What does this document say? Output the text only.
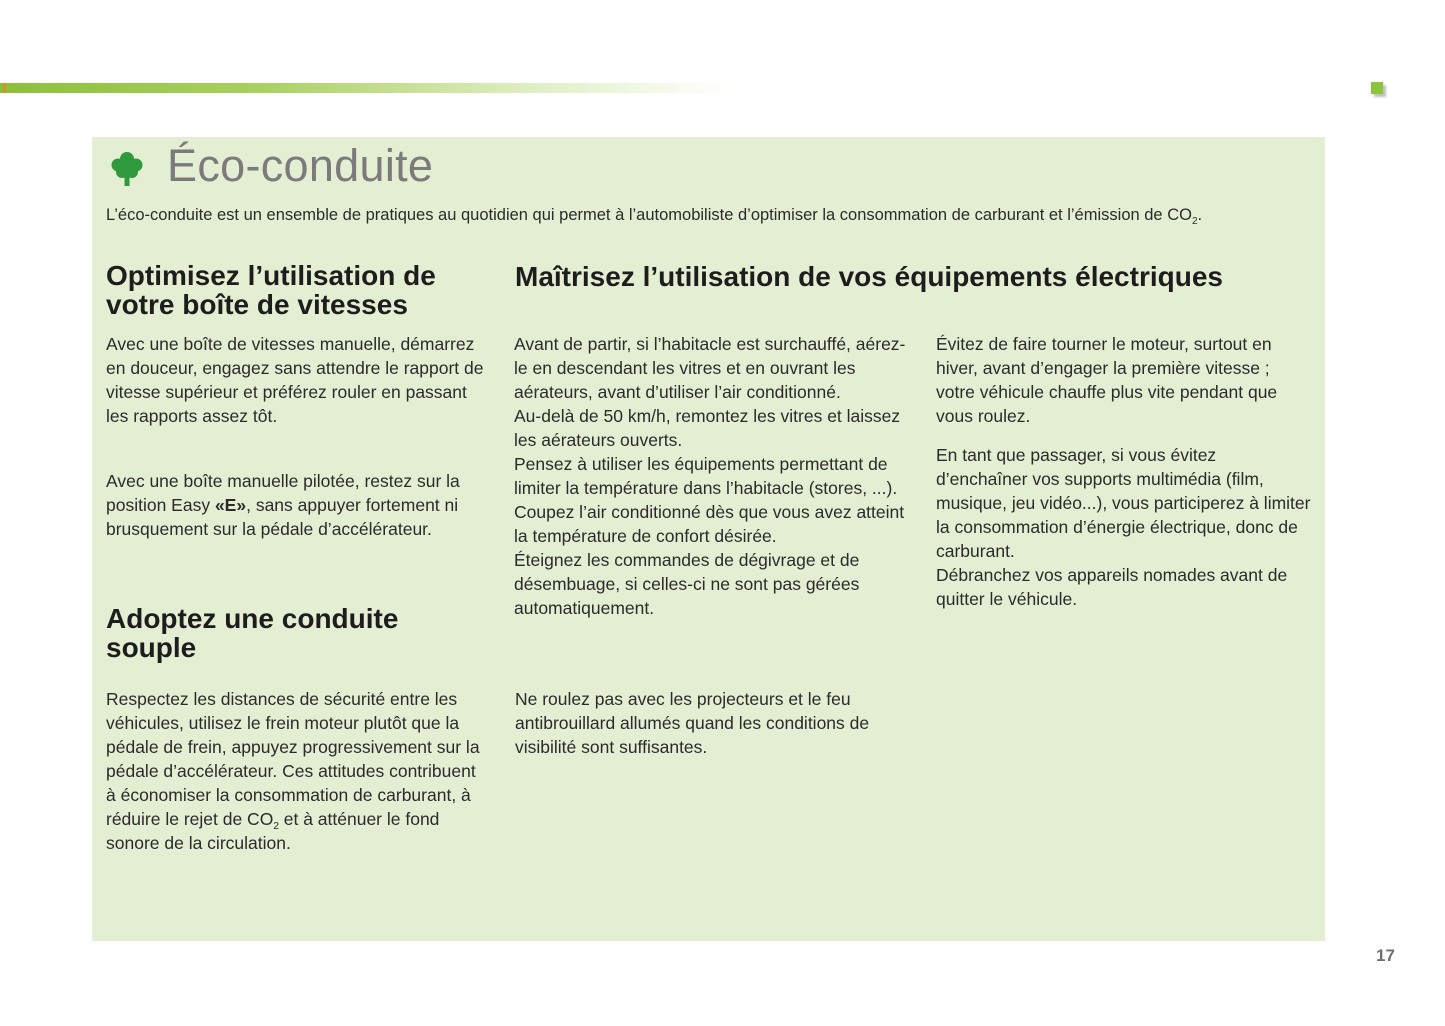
Éco-conduite
L’éco-conduite est un ensemble de pratiques au quotidien qui permet à l’automobiliste d’optimiser la consommation de carburant et l’émission de $CO_2$.
Optimisez l’utilisation de
votre boîte de vitesses

Avec une boîte de vitesses manuelle, démarrez en douceur, engagez sans attendre le rapport de vitesse supérieur et préférez rouler en passant les rapports assez tôt.

Avec une boîte manuelle pilotée, restez sur la position Easy «E», sans appuyer fortement ni brusquement sur la pédale d’accélérateur.

Adoptez une conduite
souple

Respectez les distances de sécurité entre les véhicules, utilisez le frein moteur plutôt que la pédale de frein, appuyez progressivement sur la pédale d’accélérateur. Ces attitudes contribuent à économiser la consommation de carburant, à réduire le rejet de $CO_2$ et à atténuer le fond sonore de la circulation.

Maîtrisez l’utilisation de vos équipements électriques
Avant de partir, si l’habitacle est surchauffé, aérez-le en descendant les vitres et en ouvrant les aérateurs, avant d’utiliser l’air conditionné.
Au-delà de 50 km/h, remontez les vitres et laissez les aérateurs ouverts.
Pensez à utiliser les équipements permettant de limiter la température dans l’habitacle (stores, ...).
Coupez l’air conditionné dès que vous avez atteint la température de confort désirée.
Éteignez les commandes de dégivrage et de désembuage, si celles-ci ne sont pas gérées automatiquement.

Ne roulez pas avec les projecteurs et le feu antibrouillard allumés quand les conditions de visibilité sont suffisantes.

Évitez de faire tourner le moteur, surtout en hiver, avant d’engager la première vitesse ; votre véhicule chauffe plus vite pendant que vous roulez.
En tant que passager, si vous évitez d’enchaîner vos supports multimédia (film, musique, jeu vidéo...), vous participerez à limiter la consommation d’énergie électrique, donc de carburant.
Débranchez vos appareils nomades avant de quitter le véhicule.
17
